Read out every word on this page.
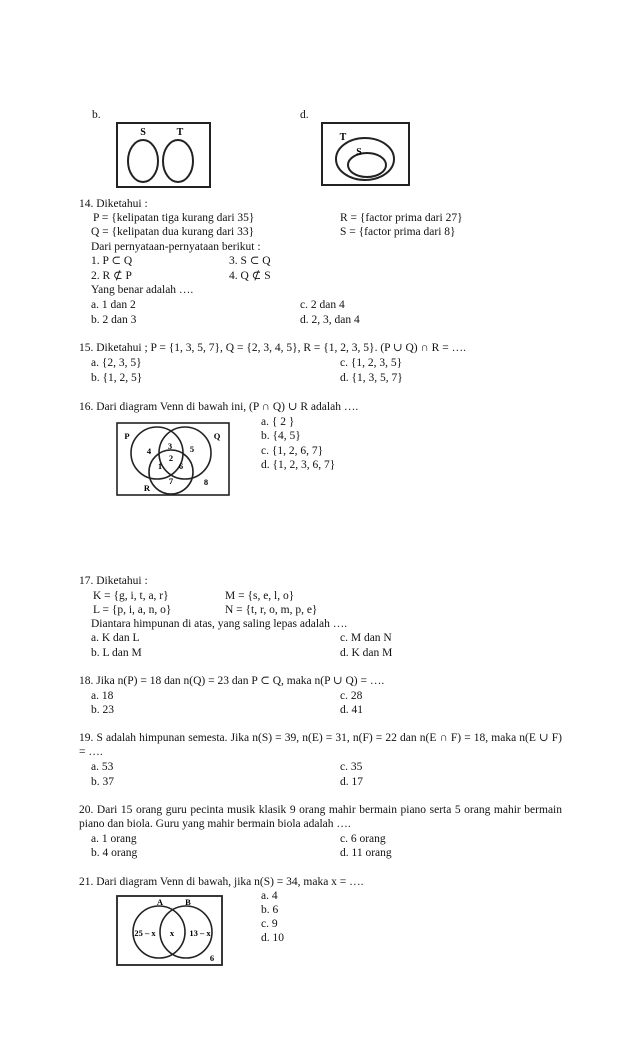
b.	d.
S	T	T
S
14. Diketahui :
P = {kelipatan tiga kurang dari 35}	R = {factor prima dari 27}
Q = {kelipatan dua kurang dari 33}	S = {factor prima dari 8}
Dari pernyataan-pernyataan berikut :
1. P ⊂ Q	3. S ⊂ Q
2. R ⊄ P	4. Q ⊄ S
Yang benar adalah ….
a. 1 dan 2	c. 2 dan 4
b. 2 dan 3	d. 2, 3, dan 4
15. Diketahui ; P = {1, 3, 5, 7}, Q = {2, 3, 4, 5}, R = {1, 2, 3, 5}. (P ∪ Q) ∩ R = ….
a. {2, 3, 5}	c. {1, 2, 3, 5}
b. {1, 2, 5}	d. {1, 3, 5, 7}
16. Dari diagram Venn di bawah ini, (P ∩ Q) ∪ R adalah ….
a. { 2 }
b. {4, 5}
c. {1, 2, 6, 7}
d. {1, 2, 3, 6, 7}
P	Q
R
3
4	5
2
1 6
7	8
17. Diketahui :
K = {g, i, t, a, r}	M = {s, e, l, o}
L = {p, i, a, n, o}	N = {t, r, o, m, p, e}
Diantara himpunan di atas, yang saling lepas adalah ….
a. K dan L	c. M dan N
b. L dan M	d. K dan M
18. Jika n(P) = 18 dan n(Q) = 23 dan P ⊂ Q, maka n(P ∪ Q) = ….
a. 18	c. 28
b. 23	d. 41
19. S adalah himpunan semesta. Jika n(S) = 39, n(E) = 31, n(F) = 22 dan n(E ∩ F) = 18, maka n(E ∪ F) = ….
a. 53	c. 35
b. 37	d. 17
20. Dari 15 orang guru pecinta musik klasik 9 orang mahir bermain piano serta 5 orang mahir bermain piano dan biola. Guru yang mahir bermain biola adalah ….
a. 1 orang	c. 6 orang
b. 4 orang	d. 11 orang
21. Dari diagram Venn di bawah, jika n(S) = 34, maka x = ….
a. 4
b. 6
c. 9
d. 10
A	B
25 – x x 13 – x
6
